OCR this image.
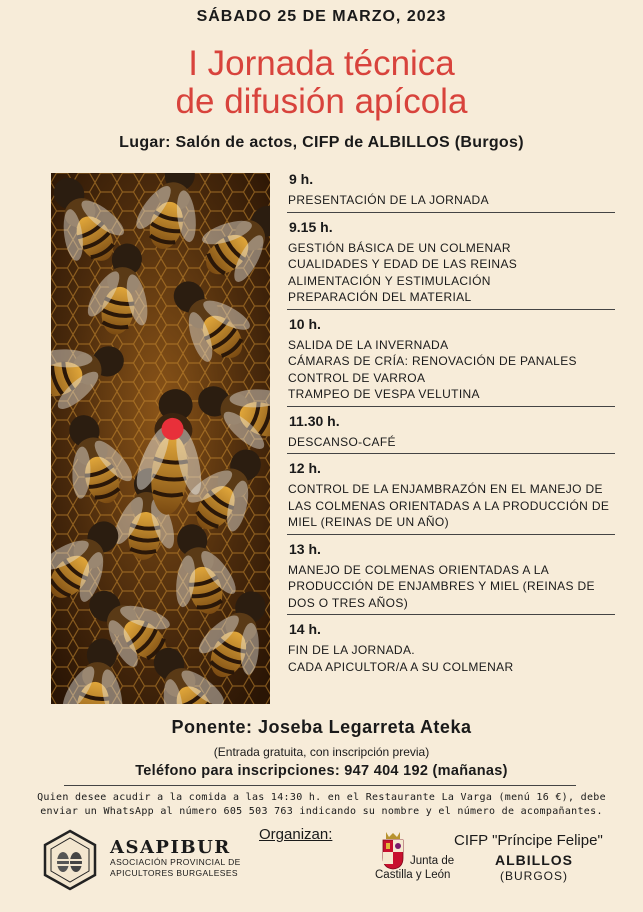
SÁBADO 25 DE MARZO, 2023
I Jornada técnica
de difusión apícola
Lugar: Salón de actos, CIFP de ALBILLOS (Burgos)
9 h.
PRESENTACIÓN DE LA JORNADA
9.15 h.
GESTIÓN BÁSICA DE UN COLMENAR
CUALIDADES Y EDAD DE LAS REINAS
ALIMENTACIÓN Y ESTIMULACIÓN
PREPARACIÓN DEL MATERIAL
10 h.
SALIDA DE LA INVERNADA
CÁMARAS DE CRÍA: RENOVACIÓN DE PANALES
CONTROL DE VARROA
TRAMPEO DE VESPA VELUTINA
11.30 h.
DESCANSO-CAFÉ
12 h.
CONTROL DE LA ENJAMBRAZÓN EN EL MANEJO DE LAS COLMENAS ORIENTADAS A LA PRODUCCIÓN DE MIEL (REINAS DE UN AÑO)
13 h.
MANEJO DE COLMENAS ORIENTADAS A LA PRODUCCIÓN DE ENJAMBRES Y MIEL (REINAS DE DOS O TRES AÑOS)
14 h.
FIN DE LA JORNADA.
CADA APICULTOR/A A SU COLMENAR
Ponente: Joseba Legarreta Ateka
(Entrada gratuita, con inscripción previa)
Teléfono para inscripciones: 947 404 192 (mañanas)
Quien desee acudir a la comida a las 14:30 h. en el Restaurante La Varga (menú 16 €), debe
enviar un WhatsApp al número 605 503 763 indicando su nombre y el número de acompañantes.
ASAPIBUR
ASOCIACIÓN PROVINCIAL DE
APICULTORES BURGALESES
Organizan:
Junta de
Castilla y León
CIFP "Príncipe Felipe"
ALBILLOS
(BURGOS)
